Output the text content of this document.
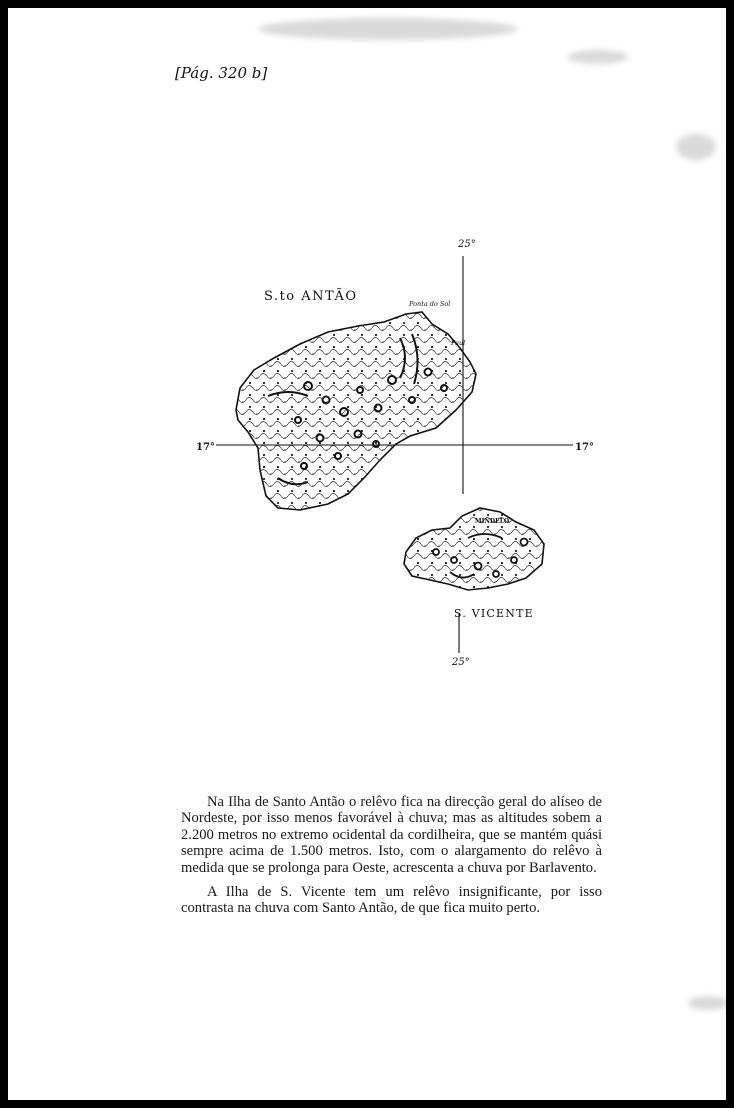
[Pág. 320 b]
25°
25°
17°	17°
S.to ANTÃO	Ponta do Sol
Paul
MINDELO
S. VICENTE

Na Ilha de Santo Antão o relêvo fica na direcção geral do alíseo de Nordeste, por isso menos favorável à chuva; mas as altitudes sobem a 2.200 metros no extremo ocidental da cordilheira, que se mantém quási sempre acima de 1.500 metros. Isto, com o alargamento do relêvo à medida que se prolonga para Oeste, acrescenta a chuva por Barlavento.

A Ilha de S. Vicente tem um relêvo insignificante, por isso contrasta na chuva com Santo Antão, de que fica muito perto.
